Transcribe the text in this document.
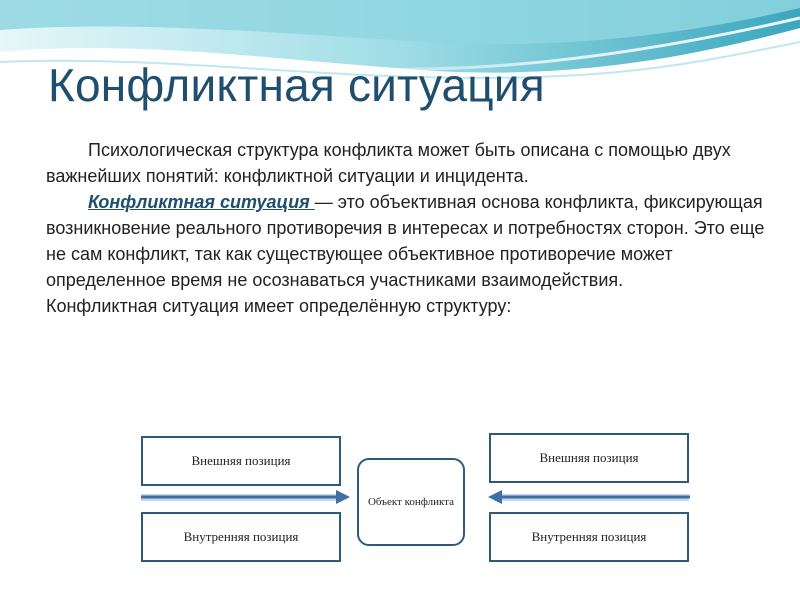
Конфликтная ситуация

Психологическая структура конфликта может быть описана с помощью двух важнейших понятий: конфликтной ситуации и инцидента.

Конфликтная ситуация — это объективная основа конфликта, фиксирующая возникновение реального противоречия в интересах и потребностях сторон. Это еще не сам конфликт, так как существующее объективное противоречие может определенное время не осознаваться участниками взаимодействия.

Конфликтная ситуация имеет определённую структуру:

Внешняя позиция
Внутренняя позиция
Объект конфликта
Внешняя позиция
Внутренняя позиция
